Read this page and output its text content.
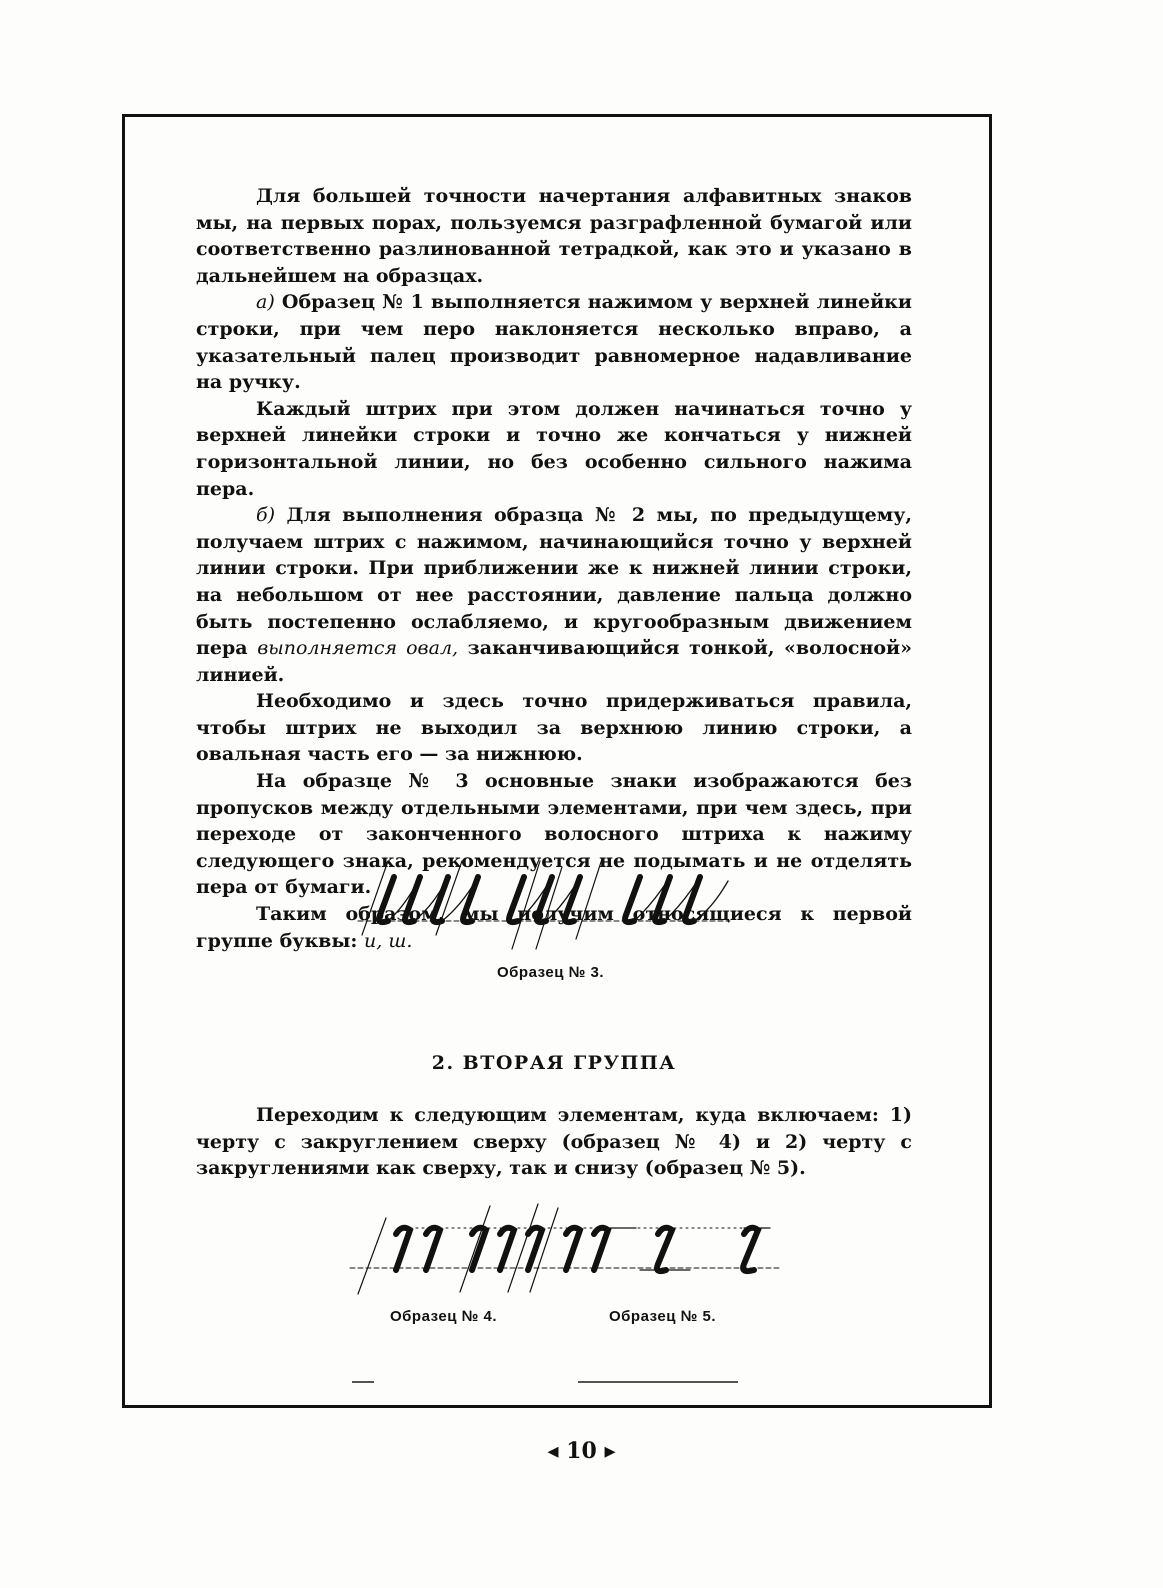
Для большей точности начертания алфавитных знаков мы, на первых порах, пользуемся разграфленной бумагой или соответственно разлинованной тетрадкой, как это и указано в дальнейшем на образцах.

а) Образец № 1 выполняется нажимом у верхней линейки строки, при чем перо наклоняется несколько вправо, а указательный палец производит равномерное надавливание на ручку.

Каждый штрих при этом должен начинаться точно у верхней линейки строки и точно же кончаться у нижней горизонтальной линии, но без особенно сильного нажима пера.

б) Для выполнения образца № 2 мы, по предыдущему, получаем штрих с нажимом, начинающийся точно у верхней линии строки. При приближении же к нижней линии строки, на небольшом от нее расстоянии, давление пальца должно быть постепенно ослабляемо, и кругообразным движением пера выполняется овал, заканчивающийся тонкой, «волосной» линией.

Необходимо и здесь точно придерживаться правила, чтобы штрих не выходил за верхнюю линию строки, а овальная часть его — за нижнюю.

На образце № 3 основные знаки изображаются без пропусков между отдельными элементами, при чем здесь, при переходе от законченного волосного штриха к нажиму следующего знака, рекомендуется не подымать и не отделять пера от бумаги.

Таким образом, мы получим относящиеся к первой группе буквы: и, ш.

Образец № 3.
2. ВТОРАЯ ГРУППА

Переходим к следующим элементам, куда включаем: 1) черту с закруглением сверху (образец № 4) и 2) черту с закруглениями как сверху, так и снизу (образец № 5).

Образец № 4.	Образец № 5.
◂ 10 ▸
